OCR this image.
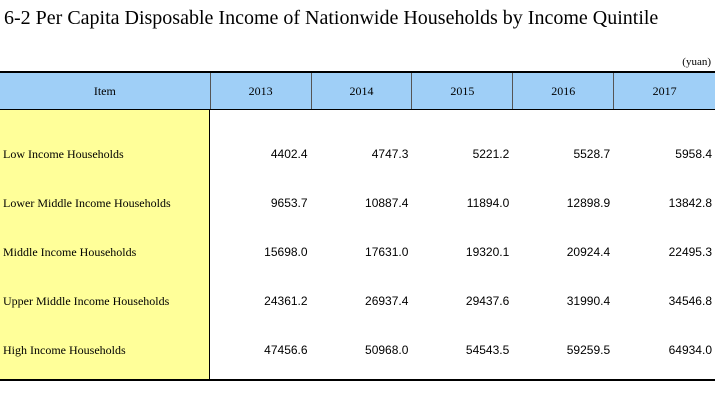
6-2 Per Capita Disposable Income of Nationwide Households by Income Quintile
(yuan)
Item	2013	2014	2015	2016	2017
Low Income Households	4402.4	4747.3	5221.2	5528.7	5958.4
Lower Middle Income Households	9653.7	10887.4	11894.0	12898.9	13842.8
Middle Income Households	15698.0	17631.0	19320.1	20924.4	22495.3
Upper Middle Income Households	24361.2	26937.4	29437.6	31990.4	34546.8
High Income Households	47456.6	50968.0	54543.5	59259.5	64934.0
